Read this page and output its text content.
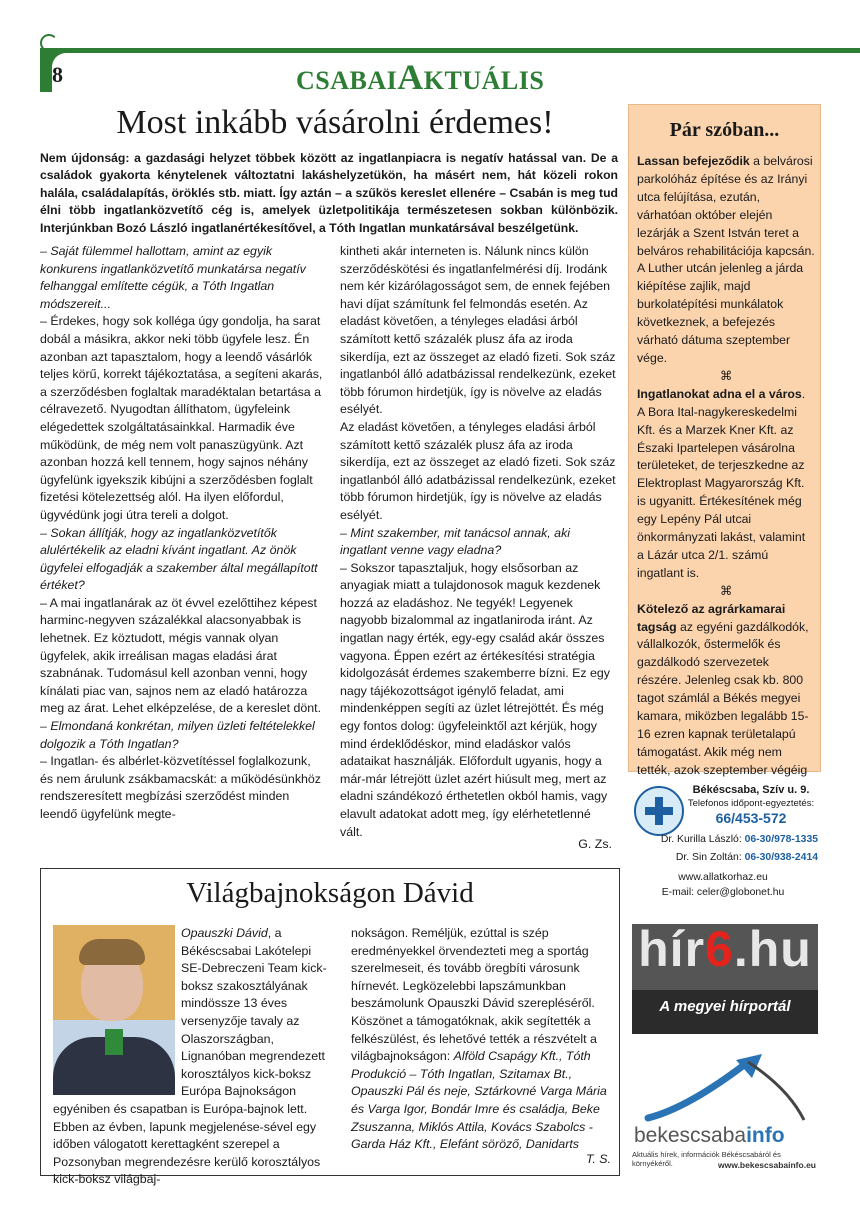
8	CSABAIAKTUÁLIS
Most inkább vásárolni érdemes!
Nem újdonság: a gazdasági helyzet többek között az ingatlanpiacra is negatív hatással van. De a családok gyakorta kénytelenek változtatni lakáshelyzetükön, ha másért nem, hát közeli rokon halála, családalapítás, öröklés stb. miatt. Így aztán – a szűkös kereslet ellenére – Csabán is meg tud élni több ingatlanközvetítő cég is, amelyek üzletpolitikája természetesen sokban különbözik. Interjúnkban Bozó László ingatlanértékesítővel, a Tóth Ingatlan munkatársával beszélgetünk.

– Saját fülemmel hallottam, amint az egyik konkurens ingatlanközvetítő munkatársa negatív felhanggal említette cégük, a Tóth Ingatlan módszereit...

– Érdekes, hogy sok kolléga úgy gondolja, ha sarat dobál a másikra, akkor neki több ügyfele lesz. Én azonban azt tapasztalom, hogy a leendő vásárlók teljes körű, korrekt tájékoztatása, a segíteni akarás, a szerződésben foglaltak maradéktalan betartása a célravezető. Nyugodtan állíthatom, ügyfeleink elégedettek szolgáltatásainkkal. Harmadik éve működünk, de még nem volt panaszügyünk. Azt azonban hozzá kell tennem, hogy sajnos néhány ügyfelünk igyekszik kibújni a szerződésben foglalt fizetési kötelezettség alól. Ha ilyen előfordul, ügyvédünk jogi útra tereli a dolgot.

– Sokan állítják, hogy az ingatlanközvetítők alulértékelik az eladni kívánt ingatlant. Az önök ügyfelei elfogadják a szakember által megállapított értéket?

– A mai ingatlanárak az öt évvel ezelőttihez képest harminc-negyven százalékkal alacsonyabbak is lehetnek. Ez köztudott, mégis vannak olyan ügyfelek, akik irreálisan magas eladási árat szabnának. Tudomásul kell azonban venni, hogy kínálati piac van, sajnos nem az eladó határozza meg az árat. Lehet elképzelése, de a kereslet dönt.

– Elmondaná konkrétan, milyen üzleti feltételekkel dolgozik a Tóth Ingatlan?

– Ingatlan- és albérlet-közvetítéssel foglalkozunk, és nem árulunk zsákbamacskát: a működésünkhöz rendszeresített megbízási szerződést minden leendő ügyfelünk megte-

kintheti akár interneten is. Nálunk nincs külön szerződéskötési és ingatlanfelmérési díj. Irodánk nem kér kizárólagosságot sem, de ennek fejében havi díjat számítunk fel felmondás esetén. Az eladást követően, a tényleges eladási árból számított kettő százalék plusz áfa az iroda sikerdíja, ezt az összeget az eladó fizeti. Sok száz ingatlanból álló adatbázissal rendelkezünk, ezeket több fórumon hirdetjük, így is növelve az eladás esélyét.

Az eladást követően, a tényleges eladási árból számított kettő százalék plusz áfa az iroda sikerdíja, ezt az összeget az eladó fizeti. Sok száz ingatlanból álló adatbázissal rendelkezünk, ezeket több fórumon hirdetjük, így is növelve az eladás esélyét.

– Mint szakember, mit tanácsol annak, aki ingatlant venne vagy eladna?

– Sokszor tapasztaljuk, hogy elsősorban az anyagiak miatt a tulajdonosok maguk kezdenek hozzá az eladáshoz. Ne tegyék! Legyenek nagyobb bizalommal az ingatlaniroda iránt. Az ingatlan nagy érték, egy-egy család akár összes vagyona. Éppen ezért az értékesítési stratégia kidolgozását érdemes szakemberre bízni. Ez egy nagy tájékozottságot igénylő feladat, ami mindenképpen segíti az üzlet létrejöttét. És még egy fontos dolog: ügyfeleinktől azt kérjük, hogy mind érdeklődéskor, mind eladáskor valós adataikat használják. Előfordult ugyanis, hogy a már-már létrejött üzlet azért hiúsult meg, mert az eladni szándékozó érthetetlen okból hamis, vagy elavult adatokat adott meg, így elérhetetlenné vált.

G. Zs.
Pár szóban...

Lassan befejeződik a belvárosi parkolóház építése és az Irányi utca felújítása, ezután, várhatóan október elején lezárják a Szent István teret a belváros rehabilitációja kapcsán. A Luther utcán jelenleg a járda kiépítése zajlik, majd burkolatépítési munkálatok következnek, a befejezés várható dátuma szeptember vége.

⌘

Ingatlanokat adna el a város. A Bora Ital-nagykereskedelmi Kft. és a Marzek Kner Kft. az Északi Ipartelepen vásárolna területeket, de terjeszkedne az Elektroplast Magyarország Kft. is ugyanitt. Értékesítének még egy Lepény Pál utcai önkormányzati lakást, valamint a Lázár utca 2/1. számú ingatlant is.

⌘

Kötelező az agrárkamarai tagság az egyéni gazdálkodók, vállalkozók, őstermelők és gazdálkodó szervezetek részére. Jelenleg csak kb. 800 tagot számlál a Békés megyei kamara, miközben legalább 15-16 ezren kapnak területalapú támogatást. Akik még nem tették, azok szeptember végéig

Békéscsaba, Szív u. 9.
Telefonos időpont-egyeztetés:
66/453-572
Dr. Kurilla László: 06-30/978-1335
Dr. Sin Zoltán: 06-30/938-2414
www.allatkorhaz.eu
E-mail: celer@globonet.hu
hír6.hu
A megyei hírportál
bekescsabainfo
Aktuális hírek, információk Békéscsabáról és környékéről.	www.bekescsabainfo.eu
Világbajnokságon Dávid

Opauszki Dávid, a Békéscsabai Lakótelepi SE-Debreczeni Team kick-boksz szakosztályának mindössze 13 éves versenyzője tavaly az Olaszországban, Lignanóban megrendezett korosztályos kick-boksz Európa Bajnokságon egyéniben és csapatban is Európa-bajnok lett. Ebben az évben, lapunk megjelenése-sével egy időben válogatott kerettagként szerepel a Pozsonyban megrendezésre kerülő korosztályos kick-boksz világbaj-

nokságon. Reméljük, ezúttal is szép eredményekkel örvendezteti meg a sportág szerelmeseit, és tovább öregbíti városunk hírnevét. Legközelebbi lapszámunkban beszámolunk Opauszki Dávid szerepléséről.

Köszönet a támogatóknak, akik segítették a felkészülést, és lehetővé tették a részvételt a világbajnokságon: Alföld Csapágy Kft., Tóth Produkció – Tóth Ingatlan, Szitamax Bt., Opauszki Pál és neje, Sztárkovné Varga Mária és Varga Igor, Bondár Imre és családja, Beke Zsuszanna, Miklós Attila, Kovács Szabolcs - Garda Ház Kft., Elefánt söröző, Danidarts

T. S.
